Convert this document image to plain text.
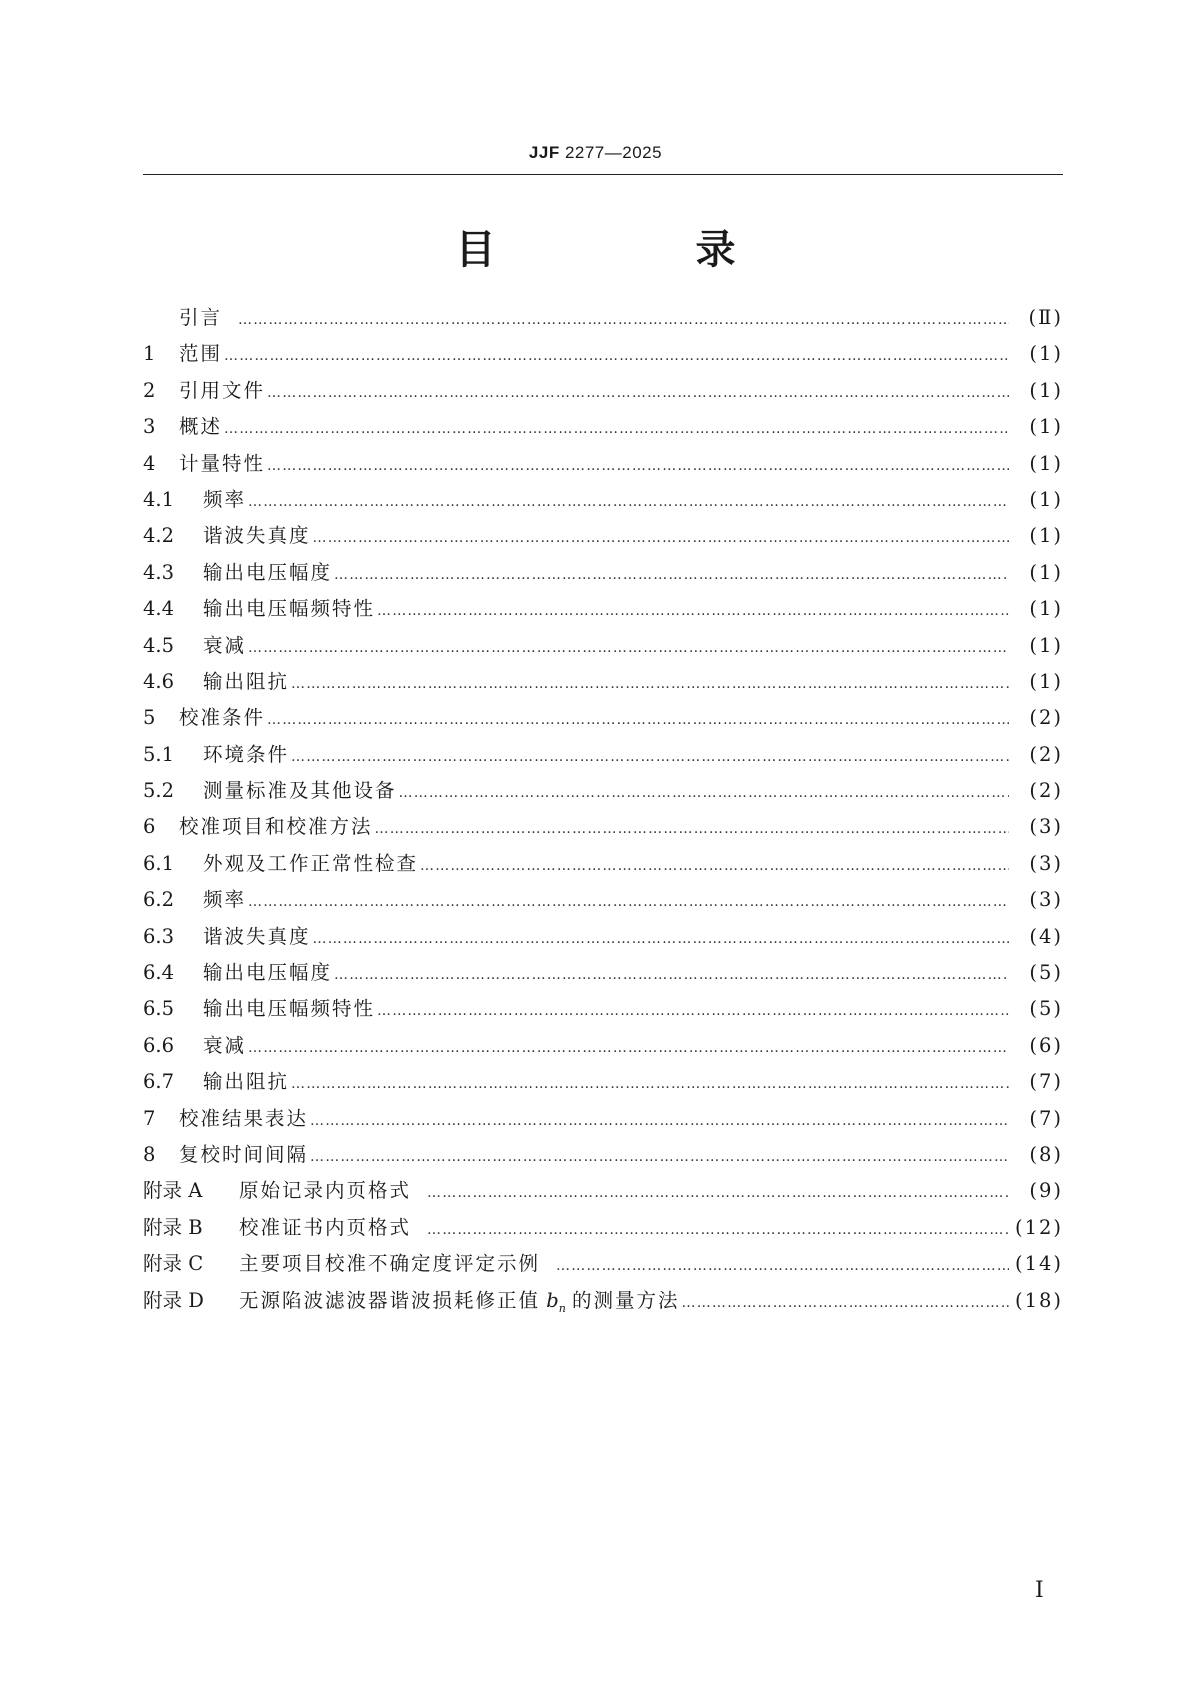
JJF 2277—2025
目　录
引言 ……………………………………………………………………………………………………………………………………………………………………………………………………………………………………………	(Ⅱ)
1	范围 ……………………………………………………………………………………………………………………………………………………………………………………………………………………………………………	(1)
2	引用文件 ……………………………………………………………………………………………………………………………………………………………………………………………………………………………………………	(1)
3	概述 ……………………………………………………………………………………………………………………………………………………………………………………………………………………………………………	(1)
4	计量特性 ……………………………………………………………………………………………………………………………………………………………………………………………………………………………………………	(1)
4.1	频率 ……………………………………………………………………………………………………………………………………………………………………………………………………………………………………………	(1)
4.2	谐波失真度 ……………………………………………………………………………………………………………………………………………………………………………………………………………………………………………	(1)
4.3	输出电压幅度 ……………………………………………………………………………………………………………………………………………………………………………………………………………………………………………	(1)
4.4	输出电压幅频特性 ……………………………………………………………………………………………………………………………………………………………………………………………………………………………………………	(1)
4.5	衰减 ……………………………………………………………………………………………………………………………………………………………………………………………………………………………………………	(1)
4.6	输出阻抗 ……………………………………………………………………………………………………………………………………………………………………………………………………………………………………………	(1)
5	校准条件 ……………………………………………………………………………………………………………………………………………………………………………………………………………………………………………	(2)
5.1	环境条件 ……………………………………………………………………………………………………………………………………………………………………………………………………………………………………………	(2)
5.2	测量标准及其他设备 ……………………………………………………………………………………………………………………………………………………………………………………………………………………………………………	(2)
6	校准项目和校准方法 ……………………………………………………………………………………………………………………………………………………………………………………………………………………………………………	(3)
6.1	外观及工作正常性检查 ……………………………………………………………………………………………………………………………………………………………………………………………………………………………………………	(3)
6.2	频率 ……………………………………………………………………………………………………………………………………………………………………………………………………………………………………………	(3)
6.3	谐波失真度 ……………………………………………………………………………………………………………………………………………………………………………………………………………………………………………	(4)
6.4	输出电压幅度 ……………………………………………………………………………………………………………………………………………………………………………………………………………………………………………	(5)
6.5	输出电压幅频特性 ……………………………………………………………………………………………………………………………………………………………………………………………………………………………………………	(5)
6.6	衰减 ……………………………………………………………………………………………………………………………………………………………………………………………………………………………………………	(6)
6.7	输出阻抗 ……………………………………………………………………………………………………………………………………………………………………………………………………………………………………………	(7)
7	校准结果表达 ……………………………………………………………………………………………………………………………………………………………………………………………………………………………………………	(7)
8	复校时间间隔 ……………………………………………………………………………………………………………………………………………………………………………………………………………………………………………	(8)
附录 A	原始记录内页格式 ……………………………………………………………………………………………………………………………………………………………………………………………………………………………………………	(9)
附录 B	校准证书内页格式 ……………………………………………………………………………………………………………………………………………………………………………………………………………………………………………	(12)
附录 C	主要项目校准不确定度评定示例 ……………………………………………………………………………………………………………………………………………………………………………………………………………………………………………	(14)
附录 D	无源陷波滤波器谐波损耗修正值 $b_n$ 的测量方法 ……………………………………………………………………………………………………………………………………………………………………………………………………………………………………………	(18)
Ⅰ
